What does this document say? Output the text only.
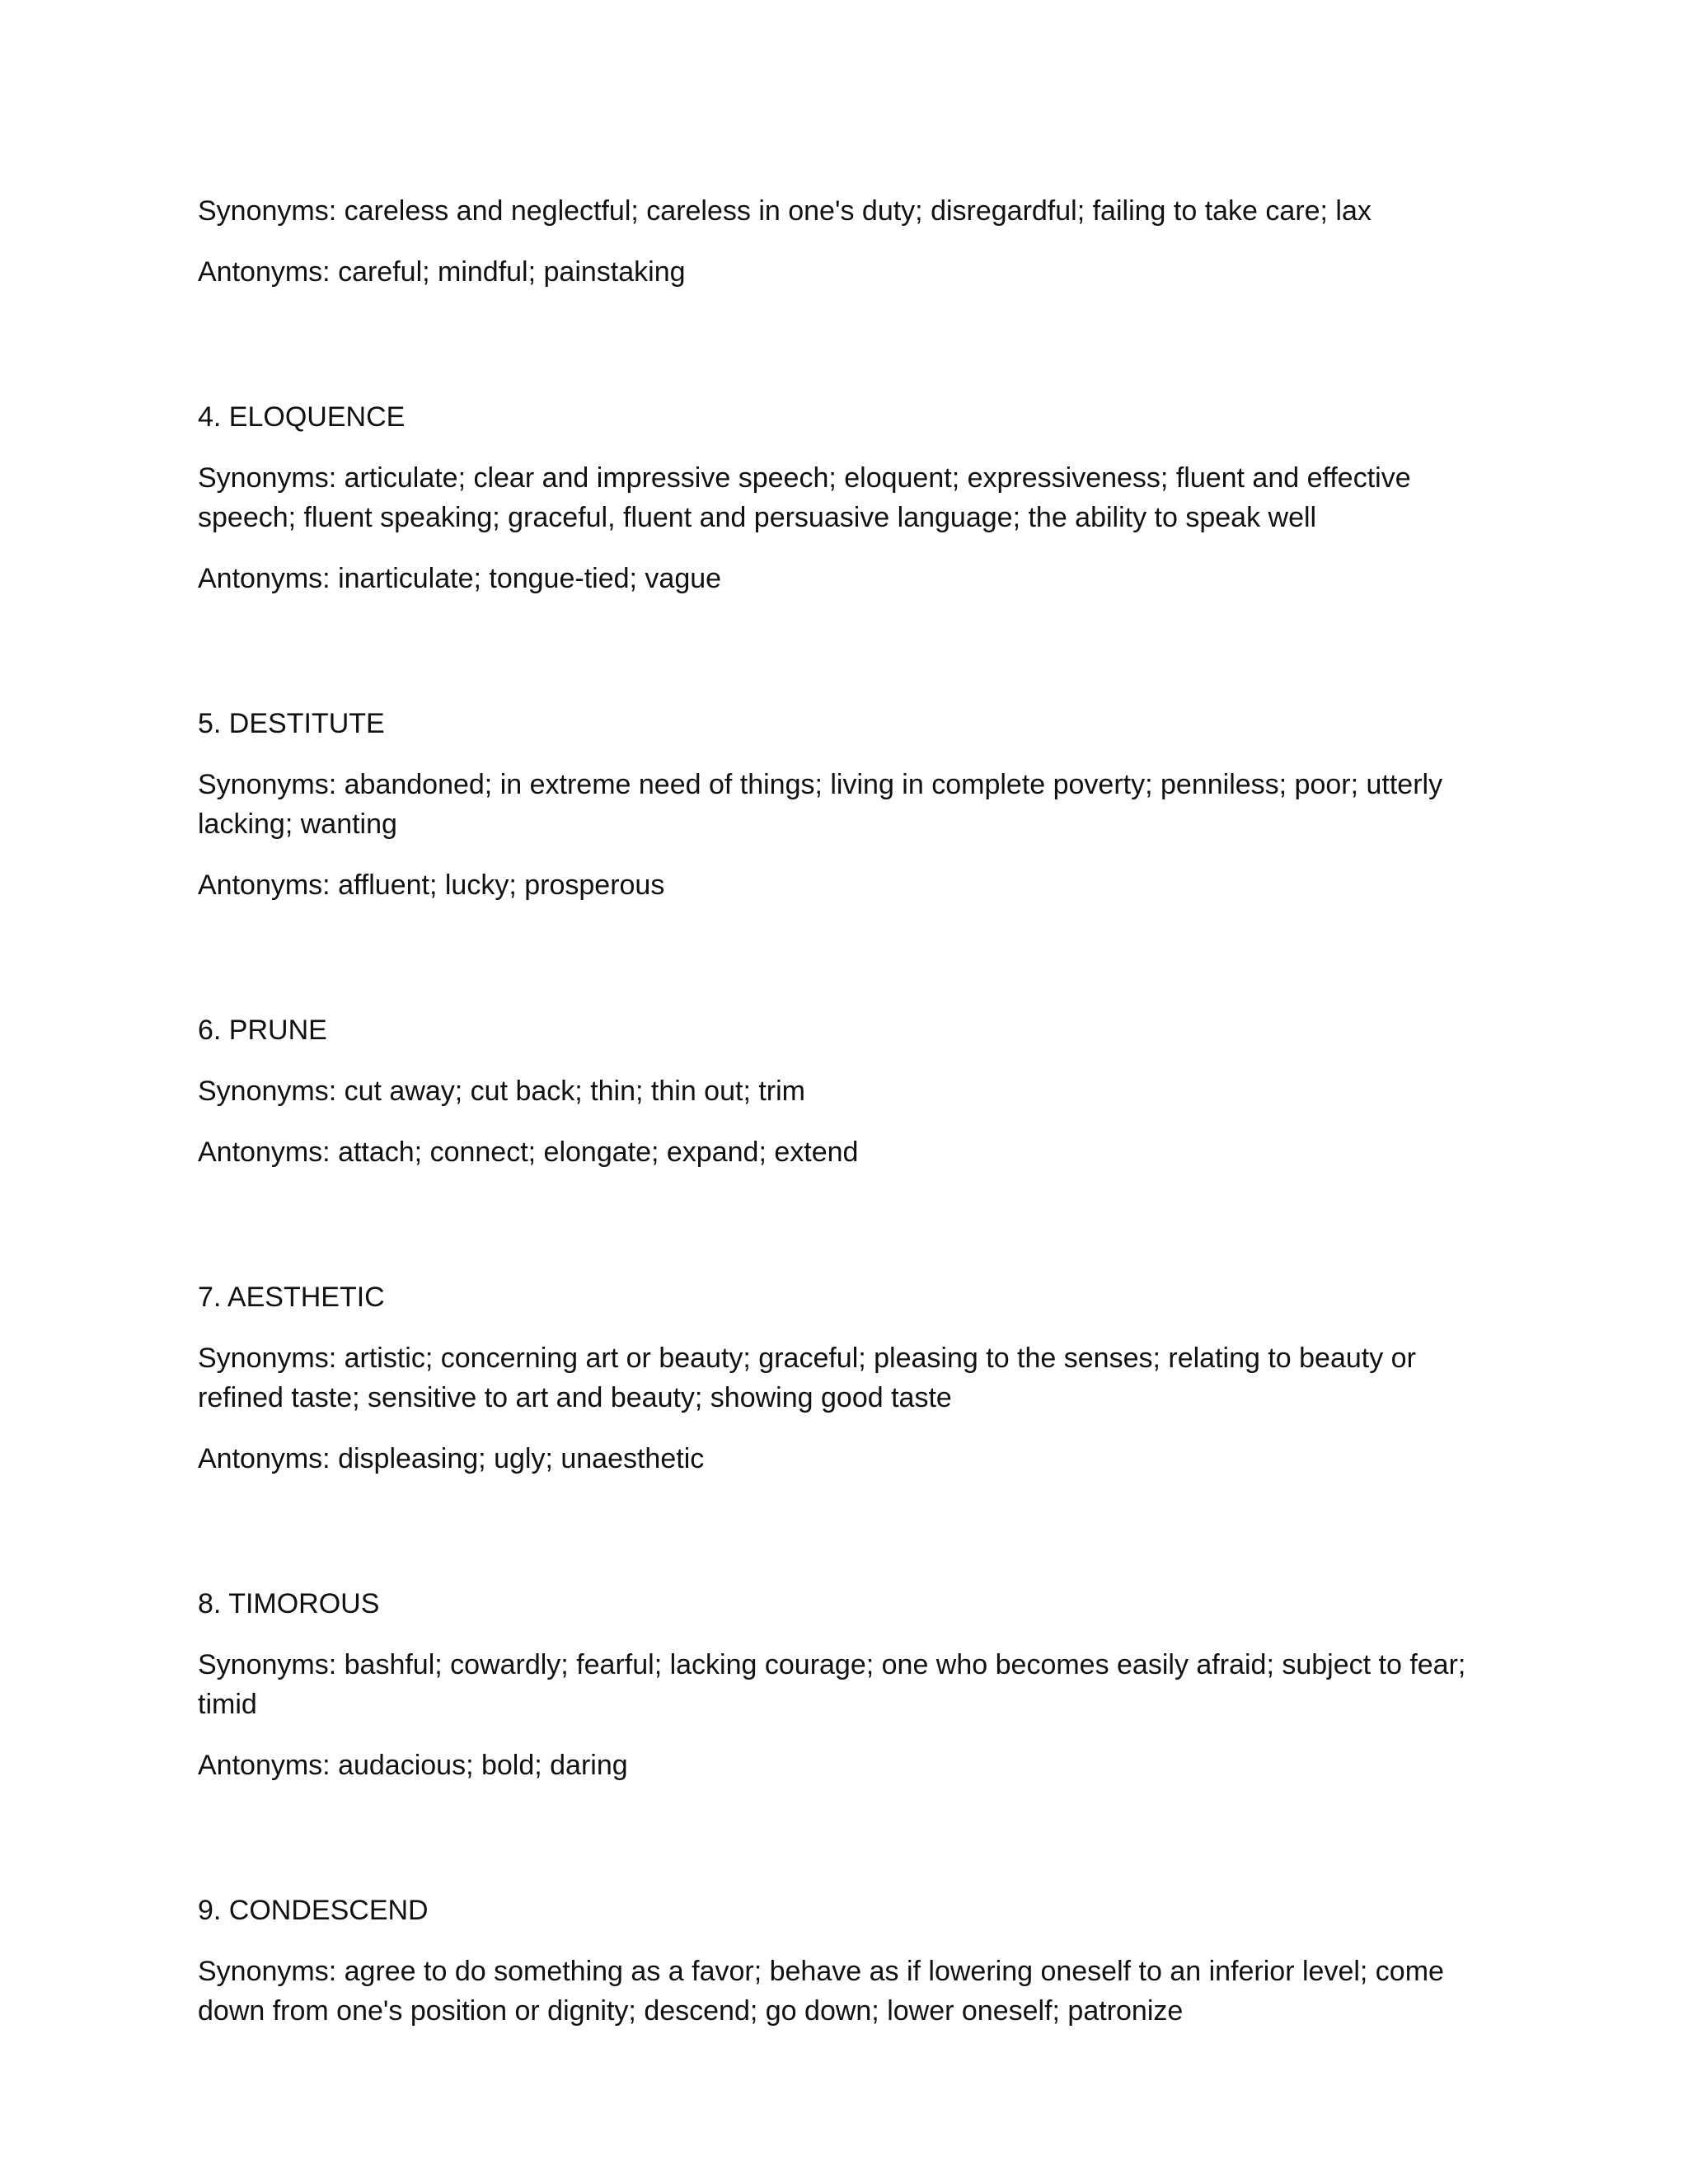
Synonyms: careless and neglectful; careless in one's duty; disregardful; failing to take care; lax

Antonyms: careful; mindful; painstaking

4. ELOQUENCE

Synonyms: articulate; clear and impressive speech; eloquent; expressiveness; fluent and effective speech; fluent speaking; graceful, fluent and persuasive language; the ability to speak well

Antonyms: inarticulate; tongue-tied; vague

5. DESTITUTE

Synonyms: abandoned; in extreme need of things; living in complete poverty; penniless; poor; utterly lacking; wanting

Antonyms: affluent; lucky; prosperous

6. PRUNE

Synonyms: cut away; cut back; thin; thin out; trim

Antonyms: attach; connect; elongate; expand; extend

7. AESTHETIC

Synonyms: artistic; concerning art or beauty; graceful; pleasing to the senses; relating to beauty or refined taste; sensitive to art and beauty; showing good taste

Antonyms: displeasing; ugly; unaesthetic

8. TIMOROUS

Synonyms: bashful; cowardly; fearful; lacking courage; one who becomes easily afraid; subject to fear; timid

Antonyms: audacious; bold; daring

9. CONDESCEND

Synonyms: agree to do something as a favor; behave as if lowering oneself to an inferior level; come down from one's position or dignity; descend; go down; lower oneself; patronize
